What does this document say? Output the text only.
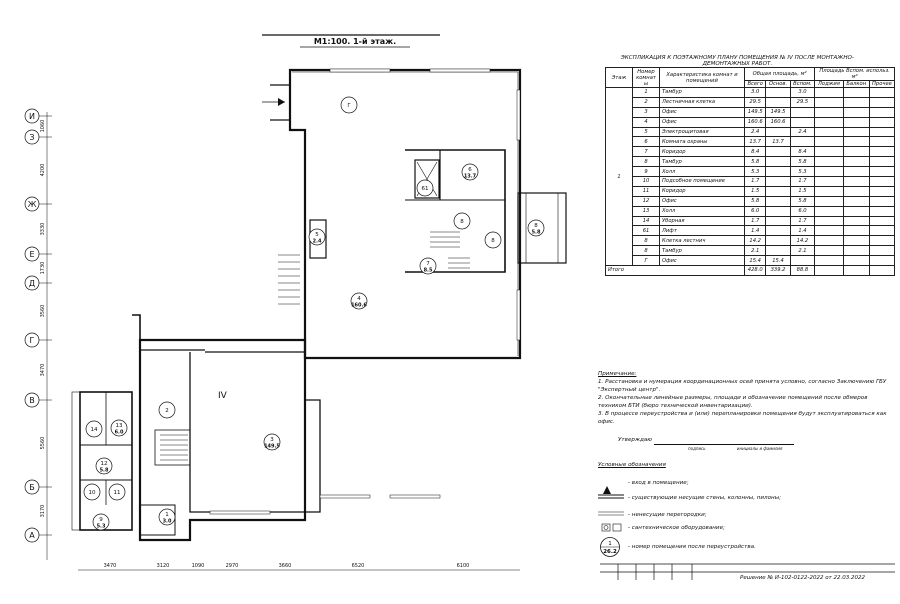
М1:100. 1-й этаж.
И
З
Ж
Е
Д
Г
В
Б
А
1060
4200
3330
1730
3560
3470
5560
3170
3470	3120	1090	2970	3660	6520	6100
IV
Г
6
13.7
61
5
2.4
8
8
5.8
8
7
8.5
4
160.6
2
3
149.5
14
13
6.0
12
5.8
10	11
9
5.3
1
3.0
Решение № И-102-0122-2022 от 22.03.2022
ЭКСПЛИКАЦИЯ К ПОЭТАЖНОМУ ПЛАНУ ПОМЕЩЕНИЯ № IV ПОСЛЕ МОНТАЖНО-ДЕМОНТАЖНЫХ РАБОТ.								
Этаж	Номер комнат ы	Характеристика комнат и помещений	Общая площадь, м²			Площадь Вспом. использ. м²		
			Всего	Основ.	Вспом.	Лоджия	Балкон	Прочее
1	1	Тамбур	3.0		3.0			
	2	Лестничная клетка	29.5		29.5			
	3	Офис	149.5	149.5				
	4	Офис	160.6	160.6				
	5	Электрощитовая	2.4		2.4			
	6	Комната охраны	13.7	13.7				
	7	Коридор	8.4		8.4			
	8	Тамбур	5.8		5.8			
	9	Холл	5.3		5.3			
	10	Подсобное помещение	1.7		1.7			
	11	Коридор	1.5		1.5			
	12	Офис	5.8		5.8			
	13	Холл	6.0		6.0			
	14	Уборная	1.7		1.7			
	61	Лифт	1.4		1.4			
	8	Клетка лестнич	14.2		14.2			
	8	Тамбур	2.1		2.1			
	Г	Офис	15.4	15.4				
Итого			428.0	339.2	88.8			
Примечание:
1. Расстановка и нумерация координационных осей принята условно, согласно Заключению ГБУ "Экспертный центр".
2. Окончательные линейные размеры, площади и обозначение помещений после обмеров техником БТИ (бюро технической инвентаризации).
3. В процессе переустройства и (или) перепланировки помещения будут эксплуатироваться как офис.
Утверждаю
подпись	инициалы и фамилия
Условные обозначения
- вход в помещение;
- существующие несущие стены, колонны, пилоны;
- ненесущие перегородки;
- сантехническое оборудование;
- номер помещения после переустройства.
1
26.2
